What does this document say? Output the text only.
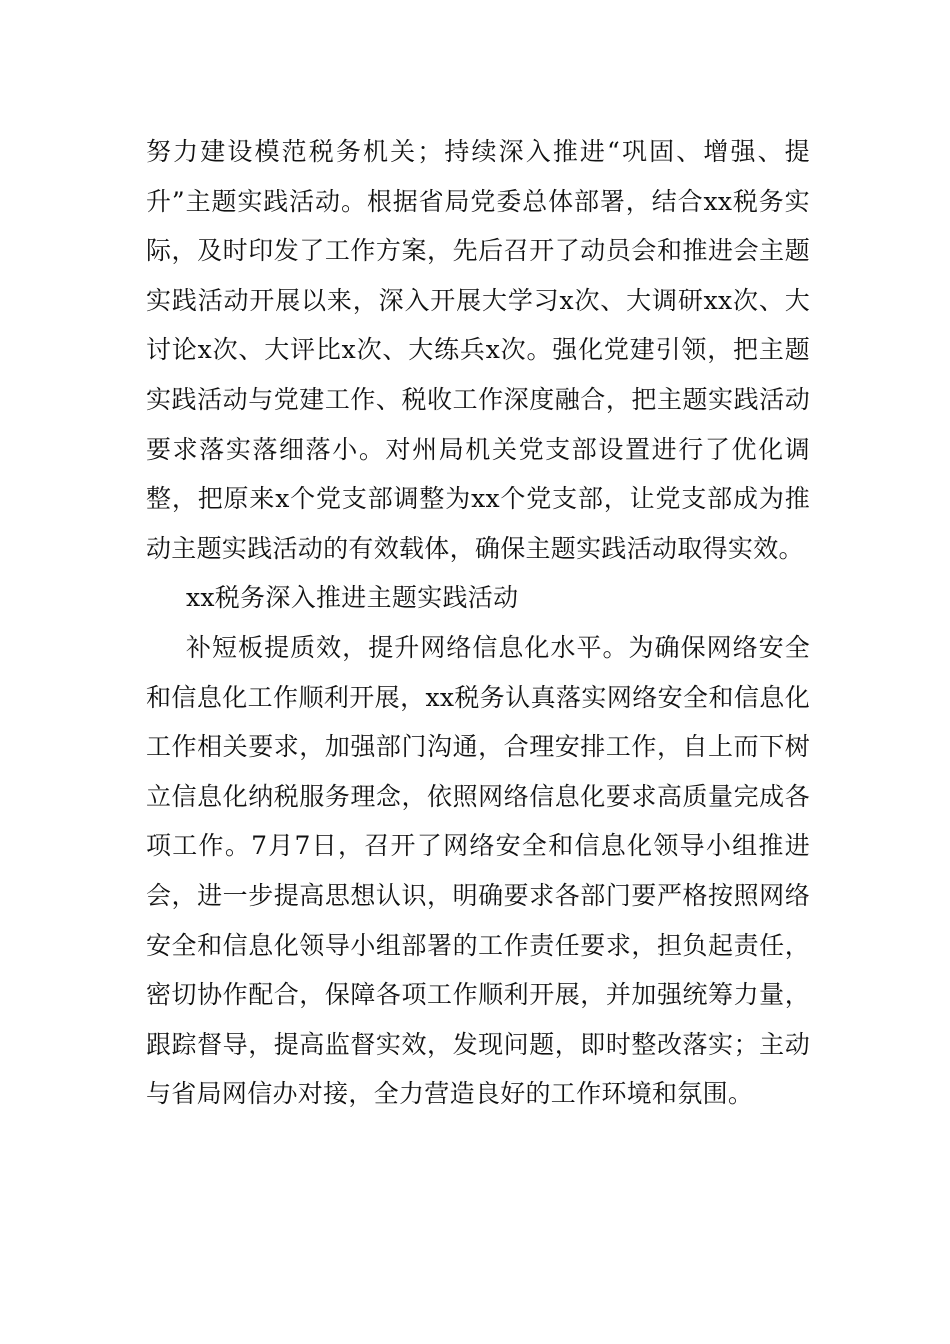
努力建设模范税务机关；持续深入推进“巩固、增强、提升”主题实践活动。根据省局党委总体部署，结合xx税务实际，及时印发了工作方案，先后召开了动员会和推进会主题实践活动开展以来，深入开展大学习x次、大调研xx次、大讨论x次、大评比x次、大练兵x次。强化党建引领，把主题实践活动与党建工作、税收工作深度融合，把主题实践活动要求落实落细落小。对州局机关党支部设置进行了优化调整，把原来x个党支部调整为xx个党支部，让党支部成为推动主题实践活动的有效载体，确保主题实践活动取得实效。

xx税务深入推进主题实践活动

补短板提质效，提升网络信息化水平。为确保网络安全和信息化工作顺利开展，xx税务认真落实网络安全和信息化工作相关要求，加强部门沟通，合理安排工作，自上而下树立信息化纳税服务理念，依照网络信息化要求高质量完成各项工作。7月7日，召开了网络安全和信息化领导小组推进会，进一步提高思想认识，明确要求各部门要严格按照网络安全和信息化领导小组部署的工作责任要求，担负起责任，密切协作配合，保障各项工作顺利开展，并加强统筹力量，跟踪督导，提高监督实效，发现问题，即时整改落实；主动与省局网信办对接，全力营造良好的工作环境和氛围。
